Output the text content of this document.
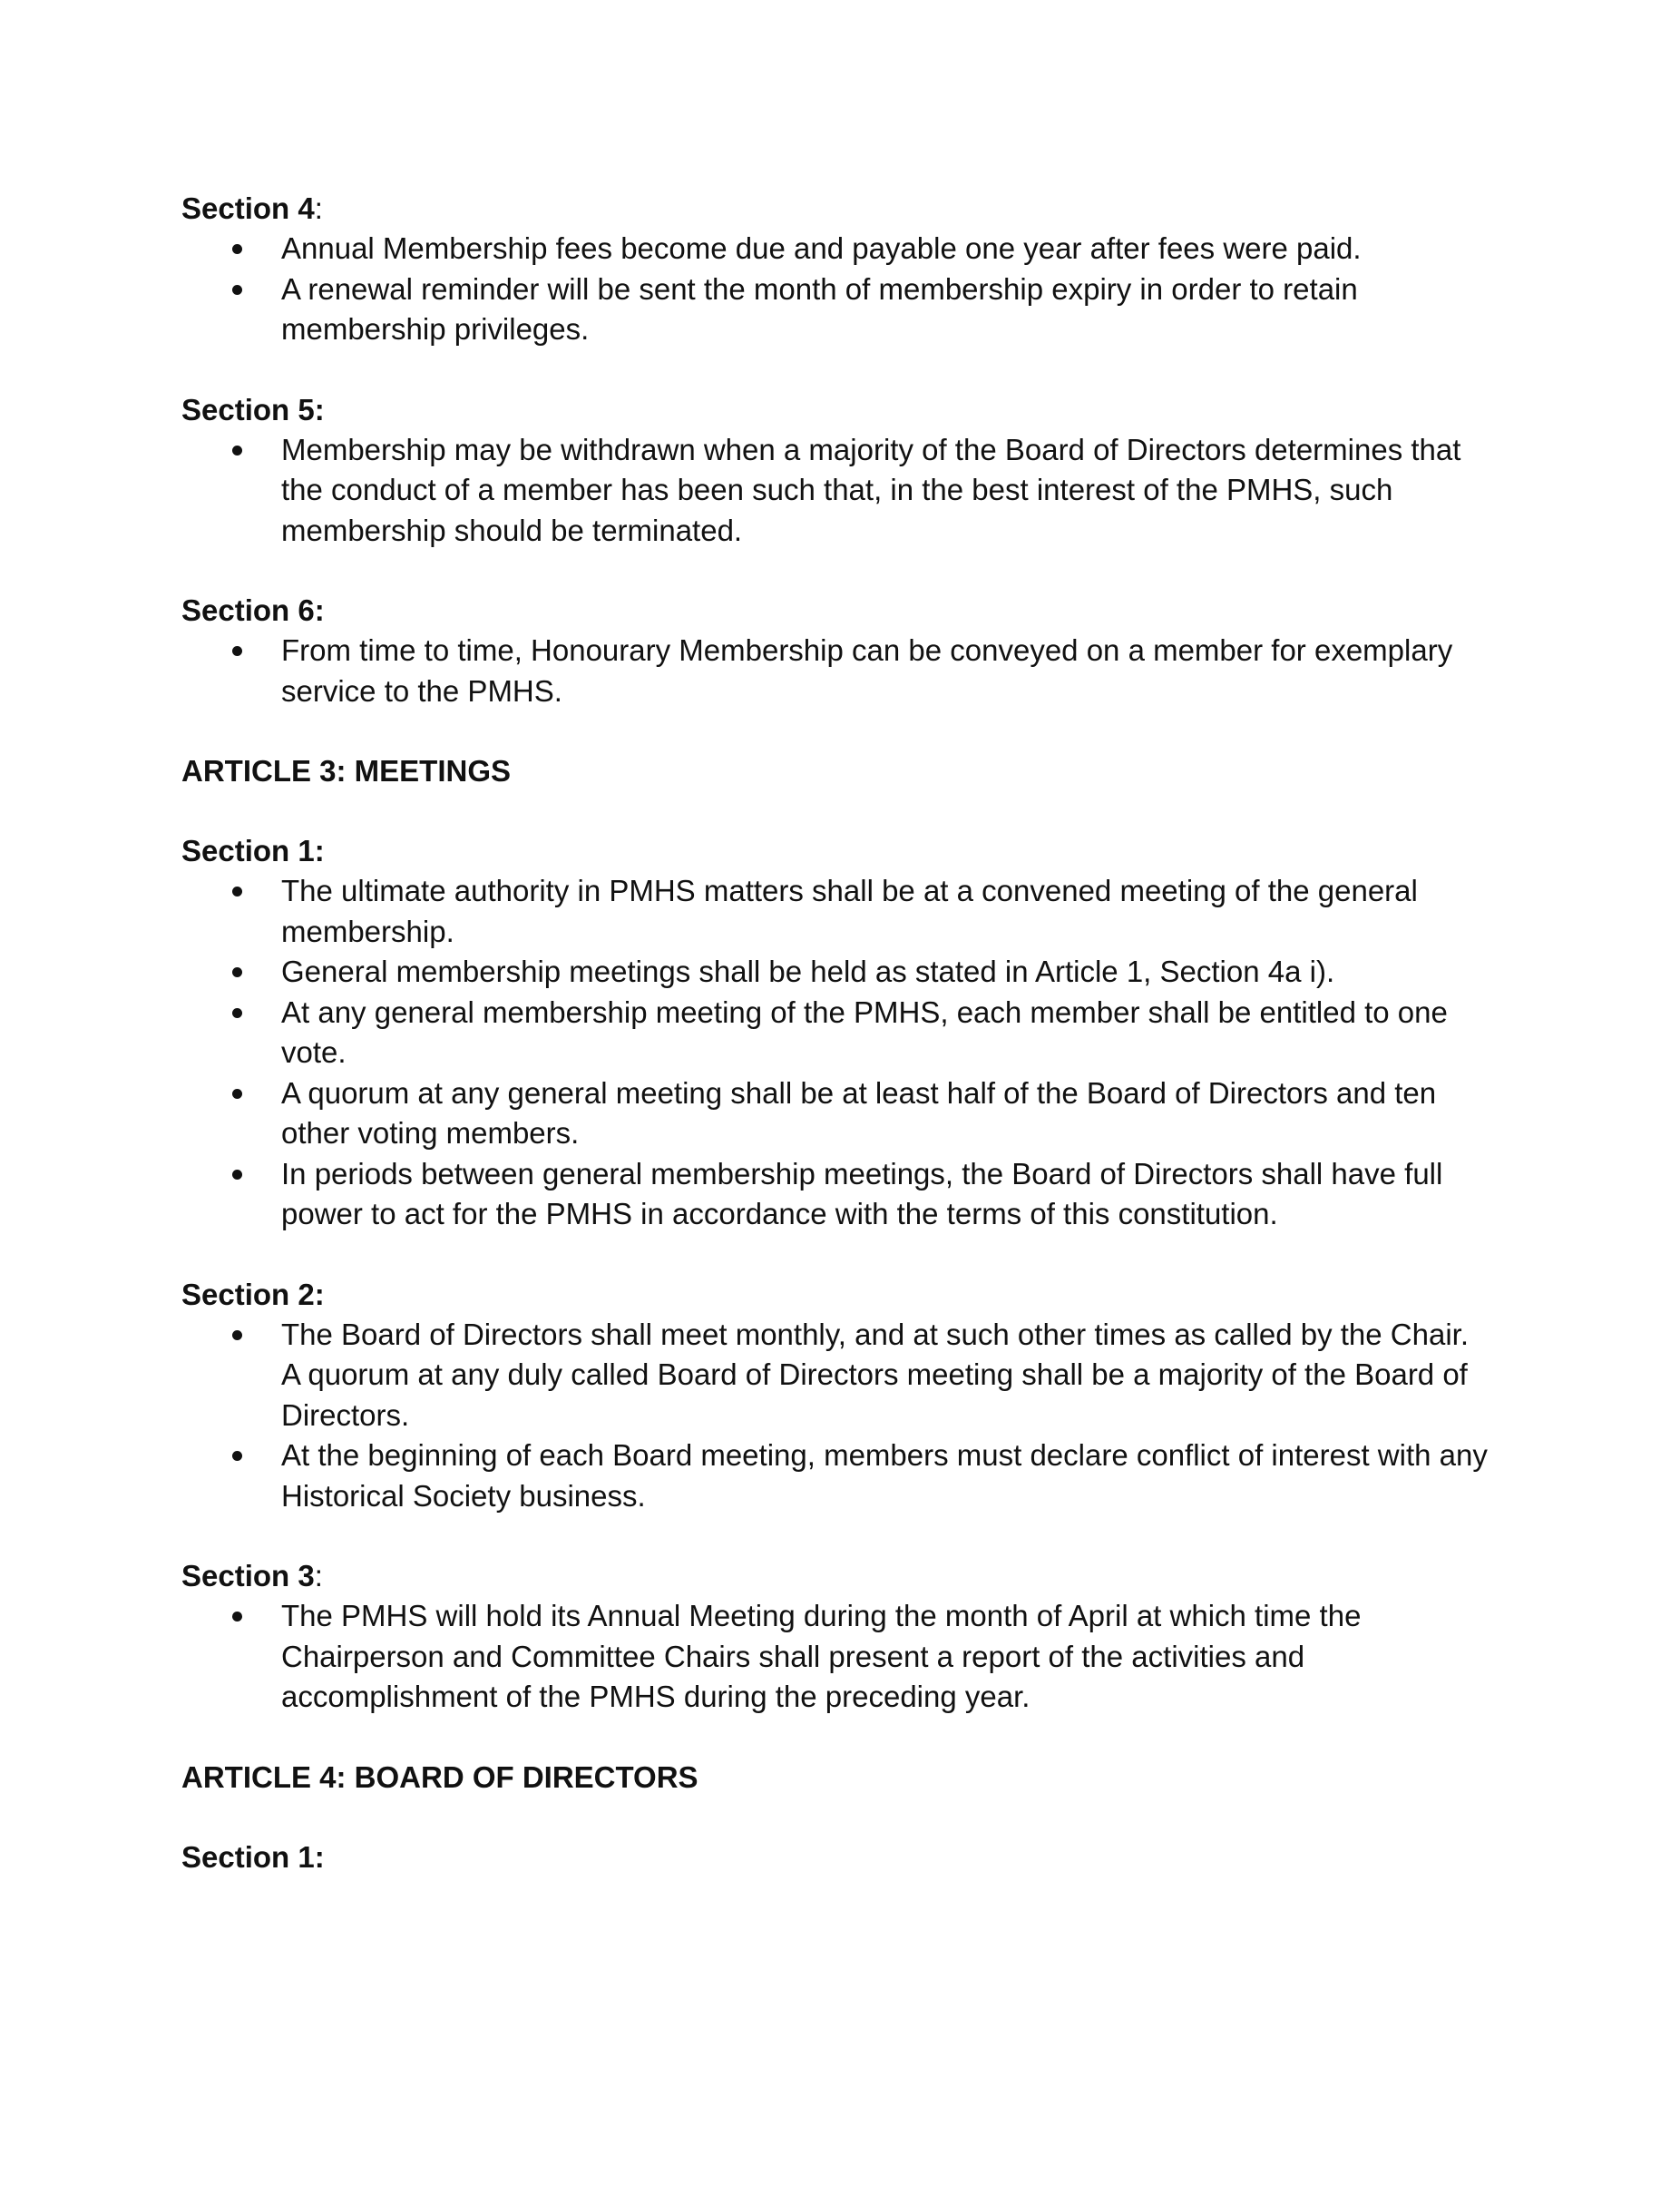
Section 4:

Annual Membership fees become due and payable one year after fees were paid.
A renewal reminder will be sent the month of membership expiry in order to retain membership privileges.

Section 5:

Membership may be withdrawn when a majority of the Board of Directors determines that the conduct of a member has been such that, in the best interest of the PMHS, such membership should be terminated.

Section 6:

From time to time, Honourary Membership can be conveyed on a member for exemplary service to the PMHS.

ARTICLE 3: MEETINGS

Section 1:

The ultimate authority in PMHS matters shall be at a convened meeting of the general membership.
General membership meetings shall be held as stated in Article 1, Section 4a i).
At any general membership meeting of the PMHS, each member shall be entitled to one vote.
A quorum at any general meeting shall be at least half of the Board of Directors and ten other voting members.
In periods between general membership meetings, the Board of Directors shall have full power to act for the PMHS in accordance with the terms of this constitution.

Section 2:

The Board of Directors shall meet monthly, and at such other times as called by the Chair.  A quorum at any duly called Board of Directors meeting shall be a majority of the Board of Directors.
At the beginning of each Board meeting, members must declare conflict of interest with any Historical Society business.

Section 3:

The PMHS will hold its Annual Meeting during the month of April at which time the Chairperson and Committee Chairs shall present a report of the activities and accomplishment of the PMHS during the preceding year.

ARTICLE 4: BOARD OF DIRECTORS

Section 1:
